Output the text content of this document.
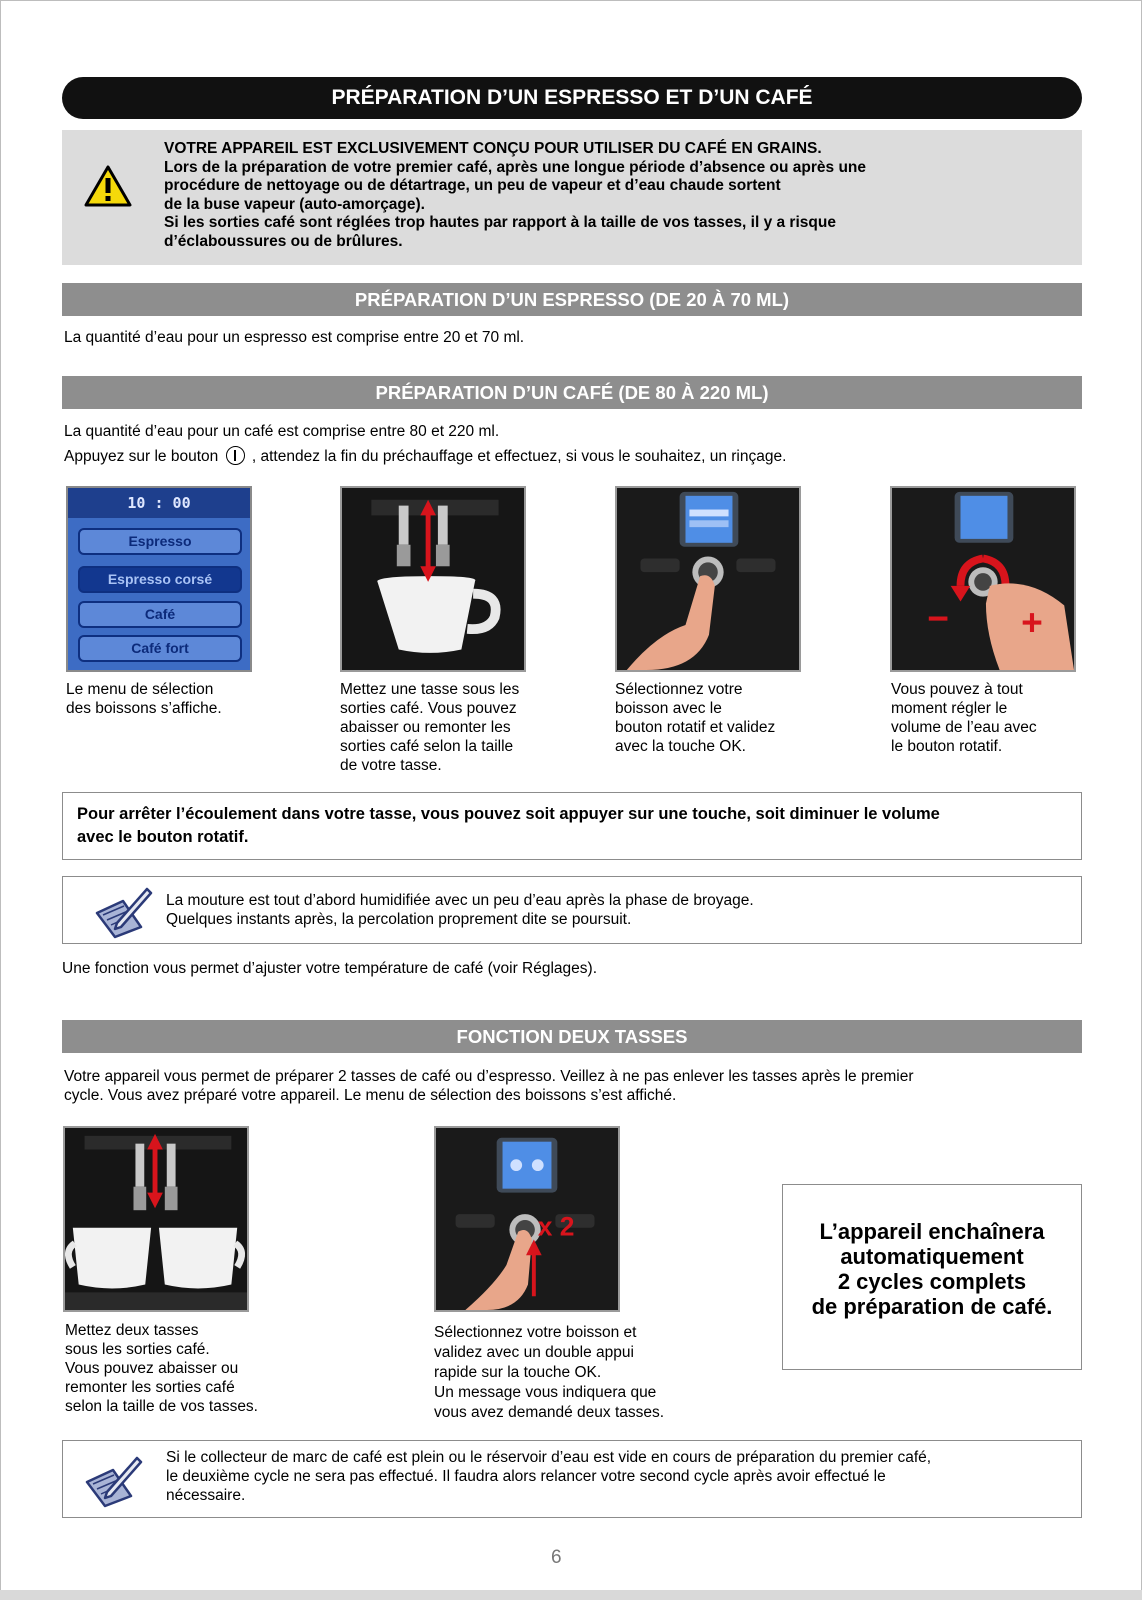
PRÉPARATION D’UN ESPRESSO ET D’UN CAFÉ
VOTRE APPAREIL EST EXCLUSIVEMENT CONÇU POUR UTILISER DU CAFÉ EN GRAINS.
Lors de la préparation de votre premier café, après une longue période d’absence ou après une
procédure de nettoyage ou de détartrage, un peu de vapeur et d’eau chaude sortent
de la buse vapeur (auto-amorçage).
Si les sorties café sont réglées trop hautes par rapport à la taille de vos tasses, il y a risque
d’éclaboussures ou de brûlures.
PRÉPARATION D’UN ESPRESSO (DE 20 À 70 ML)
La quantité d’eau pour un espresso est comprise entre 20 et 70 ml.
PRÉPARATION D’UN CAFÉ (DE 80 À 220 ML)
La quantité d’eau pour un café est comprise entre 80 et 220 ml.
Appuyez sur le bouton , attendez la fin du préchauffage et effectuez, si vous le souhaitez, un rinçage.
10 : 00
Espresso
Espresso corsé
Café
Café fort
− +
Le menu de sélection
des boissons s’affiche.
Mettez une tasse sous les
sorties café. Vous pouvez
abaisser ou remonter les
sorties café selon la taille
de votre tasse.
Sélectionnez votre
boisson avec le
bouton rotatif et validez
avec la touche OK.
Vous pouvez à tout
moment régler le
volume de l’eau avec
le bouton rotatif.
Pour arrêter l’écoulement dans votre tasse, vous pouvez soit appuyer sur une touche, soit diminuer le volume
avec le bouton rotatif.
La mouture est tout d’abord humidifiée avec un peu d’eau après la phase de broyage.
Quelques instants après, la percolation proprement dite se poursuit.
Une fonction vous permet d’ajuster votre température de café (voir Réglages).
FONCTION DEUX TASSES
Votre appareil vous permet de préparer 2 tasses de café ou d’espresso. Veillez à ne pas enlever les tasses après le premier
cycle. Vous avez préparé votre appareil. Le menu de sélection des boissons s’est affiché.
x 2
Mettez deux tasses
sous les sorties café.
Vous pouvez abaisser ou
remonter les sorties café
selon la taille de vos tasses.
Sélectionnez votre boisson et
validez avec un double appui
rapide sur la touche OK.
Un message vous indiquera que
vous avez demandé deux tasses.
L’appareil enchaînera
automatiquement
2 cycles complets
de préparation de café.
Si le collecteur de marc de café est plein ou le réservoir d’eau est vide en cours de préparation du premier café,
le deuxième cycle ne sera pas effectué. Il faudra alors relancer votre second cycle après avoir effectué le
nécessaire.
6
